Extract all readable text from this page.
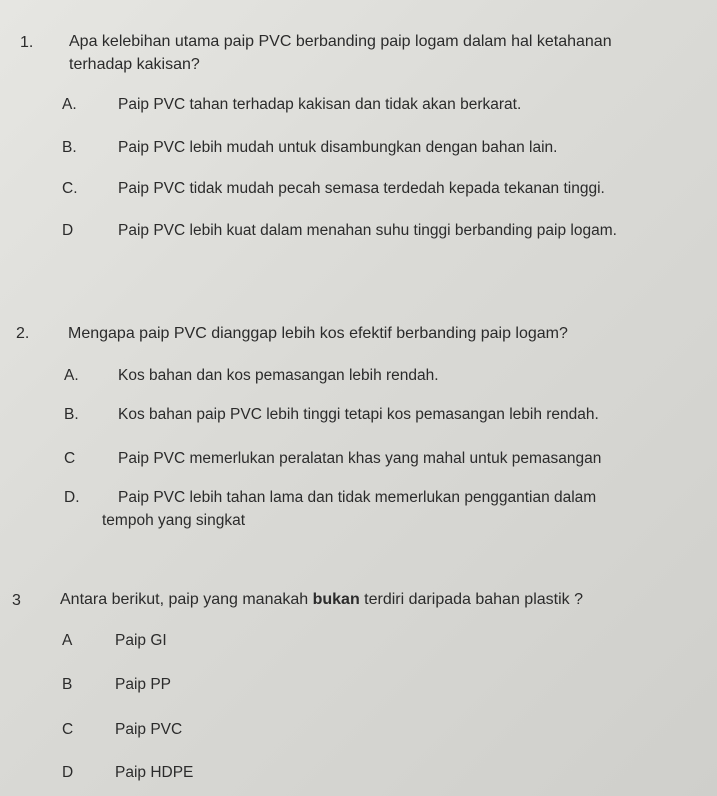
1. Apa kelebihan utama paip PVC berbanding paip logam dalam hal ketahanan
terhadap kakisan?
A.	Paip PVC tahan terhadap kakisan dan tidak akan berkarat.
B.	Paip PVC lebih mudah untuk disambungkan dengan bahan lain.
C.	Paip PVC tidak mudah pecah semasa terdedah kepada tekanan tinggi.
D	Paip PVC lebih kuat dalam menahan suhu tinggi berbanding paip logam.
2. Mengapa paip PVC dianggap lebih kos efektif berbanding paip logam?
A.	Kos bahan dan kos pemasangan lebih rendah.
B.	Kos bahan paip PVC lebih tinggi tetapi kos pemasangan lebih rendah.
C	Paip PVC memerlukan peralatan khas yang mahal untuk pemasangan
D. Paip PVC lebih tahan lama dan tidak memerlukan penggantian dalam
tempoh yang singkat
3 Antara berikut, paip yang manakah bukan terdiri daripada bahan plastik ?
A	Paip GI
B	Paip PP
C	Paip PVC
D	Paip HDPE
